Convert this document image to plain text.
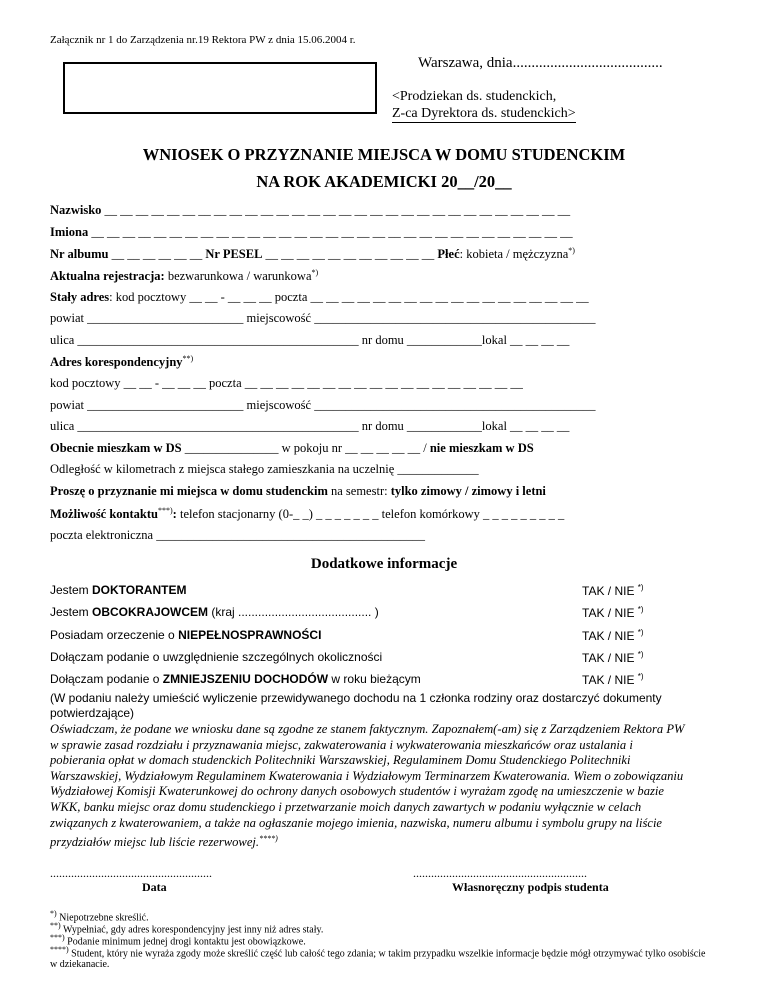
Załącznik nr 1 do Zarządzenia nr.19 Rektora PW z dnia 15.06.2004 r.
Warszawa, dnia........................................
<Prodziekan ds. studenckich,
Z-ca Dyrektora ds. studenckich>
WNIOSEK O PRZYZNANIE MIEJSCA W DOMU STUDENCKIM
NA ROK AKADEMICKI 20__/20__
Nazwisko __ __ __ __ __ __ __ __ __ __ __ __ __ __ __ __ __ __ __ __ __ __ __ __ __ __ __ __ __ __
Imiona __ __ __ __ __ __ __ __ __ __ __ __ __ __ __ __ __ __ __ __ __ __ __ __ __ __ __ __ __ __ __
Nr albumu __ __ __ __ __ __ Nr PESEL __ __ __ __ __ __ __ __ __ __ __ Płeć: kobieta / mężczyzna*)
Aktualna rejestracja: bezwarunkowa / warunkowa*)
Stały adres: kod pocztowy __ __ - __ __ __ poczta __ __ __ __ __ __ __ __ __ __ __ __ __ __ __ __ __ __
powiat _________________________ miejscowość _____________________________________________
ulica _____________________________________________ nr domu ____________lokal __ __ __ __
Adres korespondencyjny**)
kod pocztowy __ __ - __ __ __ poczta __ __ __ __ __ __ __ __ __ __ __ __ __ __ __ __ __ __
powiat _________________________ miejscowość _____________________________________________
ulica _____________________________________________ nr domu ____________lokal __ __ __ __
Obecnie mieszkam w DS _______________ w pokoju nr __ __ __ __ __ / nie mieszkam w DS
Odległość w kilometrach z miejsca stałego zamieszkania na uczelnię _____________
Proszę o przyznanie mi miejsca w domu studenckim na semestr: tylko zimowy / zimowy i letni
Możliwość kontaktu***): telefon stacjonarny (0-_ _) _ _ _ _ _ _ _ telefon komórkowy _ _ _ _ _ _ _ _ _
poczta elektroniczna ___________________________________________
Dodatkowe informacje
Jestem DOKTORANTEM	TAK / NIE *)
Jestem OBCOKRAJOWCEM (kraj ........................................ )	TAK / NIE *)
Posiadam orzeczenie o NIEPEŁNOSPRAWNOŚCI	TAK / NIE *)
Dołączam podanie o uwzględnienie szczególnych okoliczności	TAK / NIE *)
Dołączam podanie o ZMNIEJSZENIU DOCHODÓW w roku bieżącym	TAK / NIE *)
(W podaniu należy umieścić wyliczenie przewidywanego dochodu na 1 członka rodziny oraz dostarczyć dokumenty potwierdzające)
Oświadczam, że podane we wniosku dane są zgodne ze stanem faktycznym. Zapoznałem(-am) się z Zarządzeniem Rektora PW w sprawie zasad rozdziału i przyznawania miejsc, zakwaterowania i wykwaterowania mieszkańców oraz ustalania i pobierania opłat w domach studenckich Politechniki Warszawskiej, Regulaminem Domu Studenckiego Politechniki Warszawskiej, Wydziałowym Regulaminem Kwaterowania i Wydziałowym Terminarzem Kwaterowania. Wiem o zobowiązaniu Wydziałowej Komisji Kwaterunkowej do ochrony danych osobowych studentów i wyrażam zgodę na umieszczenie w bazie WKK, banku miejsc oraz domu studenckiego i przetwarzanie moich danych zawartych w podaniu wyłącznie w celach związanych z kwaterowaniem, a także na ogłaszanie mojego imienia, nazwiska, numeru albumu i symbolu grupy na liście przydziałów miejsc lub liście rezerwowej.****)
......................................................
Data
..........................................................
Własnoręczny podpis studenta
*) Niepotrzebne skreślić.
**) Wypełniać, gdy adres korespondencyjny jest inny niż adres stały.
***) Podanie minimum jednej drogi kontaktu jest obowiązkowe.
****) Student, który nie wyraża zgody może skreślić część lub całość tego zdania; w takim przypadku wszelkie informacje będzie mógł otrzymywać tylko osobiście w dziekanacie.
